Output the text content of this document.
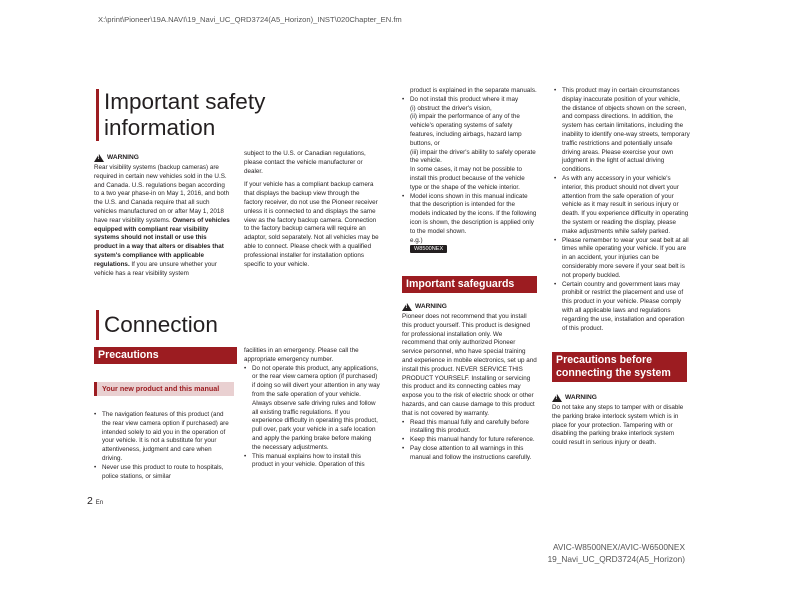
X:\print\Pioneer\19A.NAVI\19_Navi_UC_QRD3724(A5_Horizon)_INST\020Chapter_EN.fm
Important safety
information
!
WARNING

Rear visibility systems (backup cameras) are required in certain new vehicles sold in the U.S. and Canada. U.S. regulations began according to a two year phase-in on May 1, 2016, and both the U.S. and Canada require that all such vehicles manufactured on or after May 1, 2018 have rear visibility systems. Owners of vehicles equipped with compliant rear visibility systems should not install or use this product in a way that alters or disables that system's compliance with applicable regulations. If you are unsure whether your vehicle has a rear visibility system

subject to the U.S. or Canadian regulations, please contact the vehicle manufacturer or dealer.

If your vehicle has a compliant backup camera that displays the backup view through the factory receiver, do not use the Pioneer receiver unless it is connected to and displays the same view as the factory backup camera. Connection to the factory backup camera will require an adaptor, sold separately. Not all vehicles may be able to connect. Please check with a qualified professional installer for installation options specific to your vehicle.

Connection
Precautions
Your new product and this manual
• The navigation features of this product (and the rear view camera option if purchased) are intended solely to aid you in the operation of your vehicle. It is not a substitute for your attentiveness, judgment and care when driving.
• Never use this product to route to hospitals, police stations, or similar

facilities in an emergency. Please call the appropriate emergency number.

• Do not operate this product, any applications, or the rear view camera option (if purchased) if doing so will divert your attention in any way from the safe operation of your vehicle. Always observe safe driving rules and follow all existing traffic regulations. If you experience difficulty in operating this product, pull over, park your vehicle in a safe location and apply the parking brake before making the necessary adjustments.
• This manual explains how to install this product in your vehicle. Operation of this

product is explained in the separate manuals.

• Do not install this product where it may
(i) obstruct the driver's vision,
(ii) impair the performance of any of the vehicle's operating systems of safety features, including airbags, hazard lamp buttons, or
(iii) impair the driver's ability to safely operate the vehicle.
In some cases, it may not be possible to install this product because of the vehicle type or the shape of the vehicle interior.
• Model icons shown in this manual indicate that the description is intended for the models indicated by the icons. If the following icon is shown, the description is applied only to the model shown.
e.g.)
W8500NEX
Important safeguards
!
WARNING

Pioneer does not recommend that you install this product yourself. This product is designed for professional installation only. We recommend that only authorized Pioneer service personnel, who have special training and experience in mobile electronics, set up and install this product. NEVER SERVICE THIS PRODUCT YOURSELF. Installing or servicing this product and its connecting cables may expose you to the risk of electric shock or other hazards, and can cause damage to this product that is not covered by warranty.

• Read this manual fully and carefully before installing this product.
• Keep this manual handy for future reference.
• Pay close attention to all warnings in this manual and follow the instructions carefully.
• This product may in certain circumstances display inaccurate position of your vehicle, the distance of objects shown on the screen, and compass directions. In addition, the system has certain limitations, including the inability to identify one-way streets, temporary traffic restrictions and potentially unsafe driving areas. Please exercise your own judgment in the light of actual driving conditions.
• As with any accessory in your vehicle's interior, this product should not divert your attention from the safe operation of your vehicle as it may result in serious injury or death. If you experience difficulty in operating the system or reading the display, please make adjustments while safely parked.
• Please remember to wear your seat belt at all times while operating your vehicle. If you are in an accident, your injuries can be considerably more severe if your seat belt is not properly buckled.
• Certain country and government laws may prohibit or restrict the placement and use of this product in your vehicle. Please comply with all applicable laws and regulations regarding the use, installation and operation of this product.
Precautions before
connecting the system
!
WARNING

Do not take any steps to tamper with or disable the parking brake interlock system which is in place for your protection. Tampering with or disabling the parking brake interlock system could result in serious injury or death.

2 En
AVIC-W8500NEX/AVIC-W6500NEX
19_Navi_UC_QRD3724(A5_Horizon)
